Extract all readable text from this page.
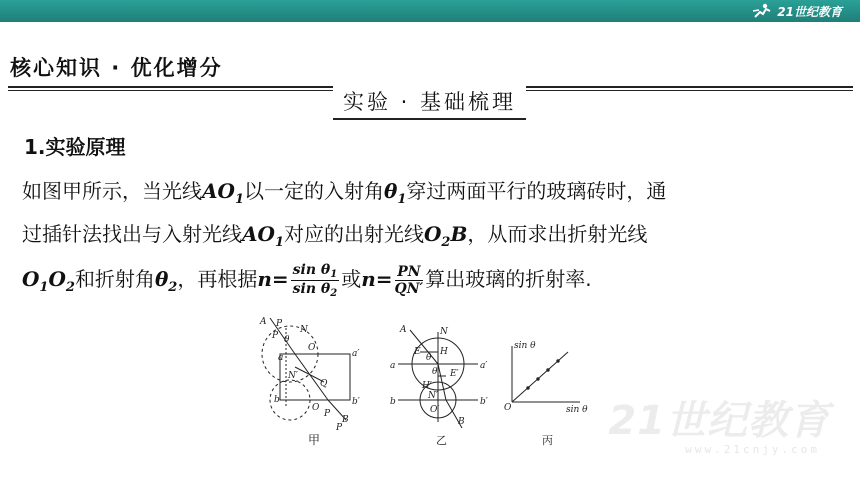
21世纪教育
核心知识 · 优化增分
实验 · 基础梳理
1.实验原理
如图甲所示，当光线$AO_1$以一定的入射角$\theta_1$穿过两面平行的玻璃砖时，通
过插针法找出与入射光线$AO_1$对应的出射光线$O_2B$，从而求出折射光线
$O_1O_2$和折射角$\theta_2$，再根据$n= \frac{\sin \theta_1}{\sin \theta_2}$ 或$n= \frac{PN}{QN'}$ 算出玻璃的折射率.
A P
P
N
θ
O
a	a′
N′
Q
b	b′
O
P
B
P
甲
A	N
E
θ
H
a	a′
θ E′
H′
N′
b	b′
O′
B
乙
sin θ
O	sin θ
丙 21世纪教育
www.21cnjy.com
